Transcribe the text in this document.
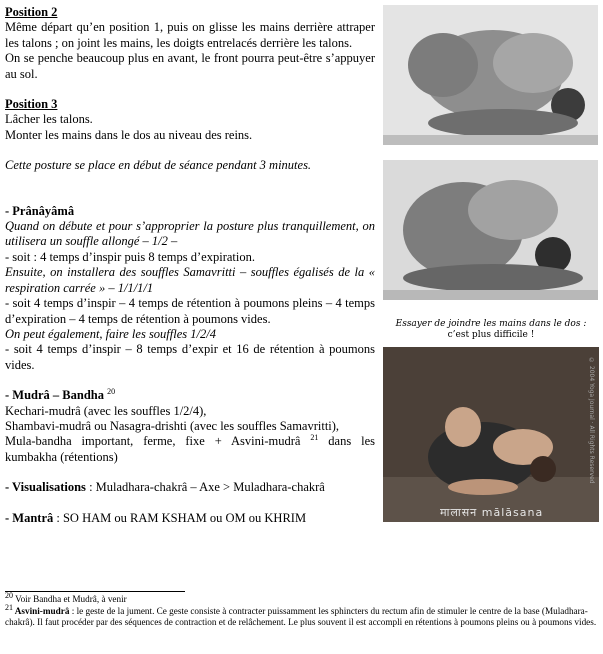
Position 2

Même départ qu’en position 1, puis on glisse les mains derrière attraper les talons ; on joint les mains, les doigts entrelacés derrière les talons.

On se penche beaucoup plus en avant, le front pourra peut-être s’appuyer au sol.

Position 3

Lâcher les talons.

Monter les mains dans le dos au niveau des reins.

Cette posture se place en début de séance pendant 3 minutes.

- Prânâyâmâ

Quand on débute et pour s’approprier la posture plus tranquillement, on utilisera un souffle allongé – 1/2 –

- soit : 4 temps d’inspir puis 8 temps d’expiration.

Ensuite, on installera des souffles Samavritti – souffles égalisés de la « respiration carrée » – 1/1/1/1

- soit 4 temps d’inspir – 4 temps de rétention à poumons pleins – 4 temps d’expiration – 4 temps de rétention à poumons vides.

On peut également, faire les souffles 1/2/4

- soit 4 temps d’inspir – 8 temps d’expir et 16 de rétention à poumons vides.

- Mudrâ – Bandha $^{20}$

Kechari-mudrâ (avec les souffles 1/2/4),

Shambavi-mudrâ ou Nasagra-drishti (avec les souffles Samavritti),

Mula-bandha important, ferme, fixe + Asvini-mudrâ $^{21}$ dans les kumbakha (rétentions)

- Visualisations : Muladhara-chakrâ – Axe > Muladhara-chakrâ

- Mantrâ : SO HAM ou RAM KSHAM ou OM ou KHRIM

Essayer de joindre les mains dans le dos :
c’est plus difficile !
मालासन mālāsana
© 2004 Yoga Journal · All Rights Reserved

$^{20}$ Voir Bandha et Mudrâ, à venir

$^{21}$ Asvini-mudrâ : le geste de la jument. Ce geste consiste à contracter puissamment les sphincters du rectum afin de stimuler le centre de la base (Muladhara-chakrâ). Il faut procéder par des séquences de contraction et de relâchement. Le plus souvent il est accompli en rétentions à poumons pleins ou à poumons vides.
